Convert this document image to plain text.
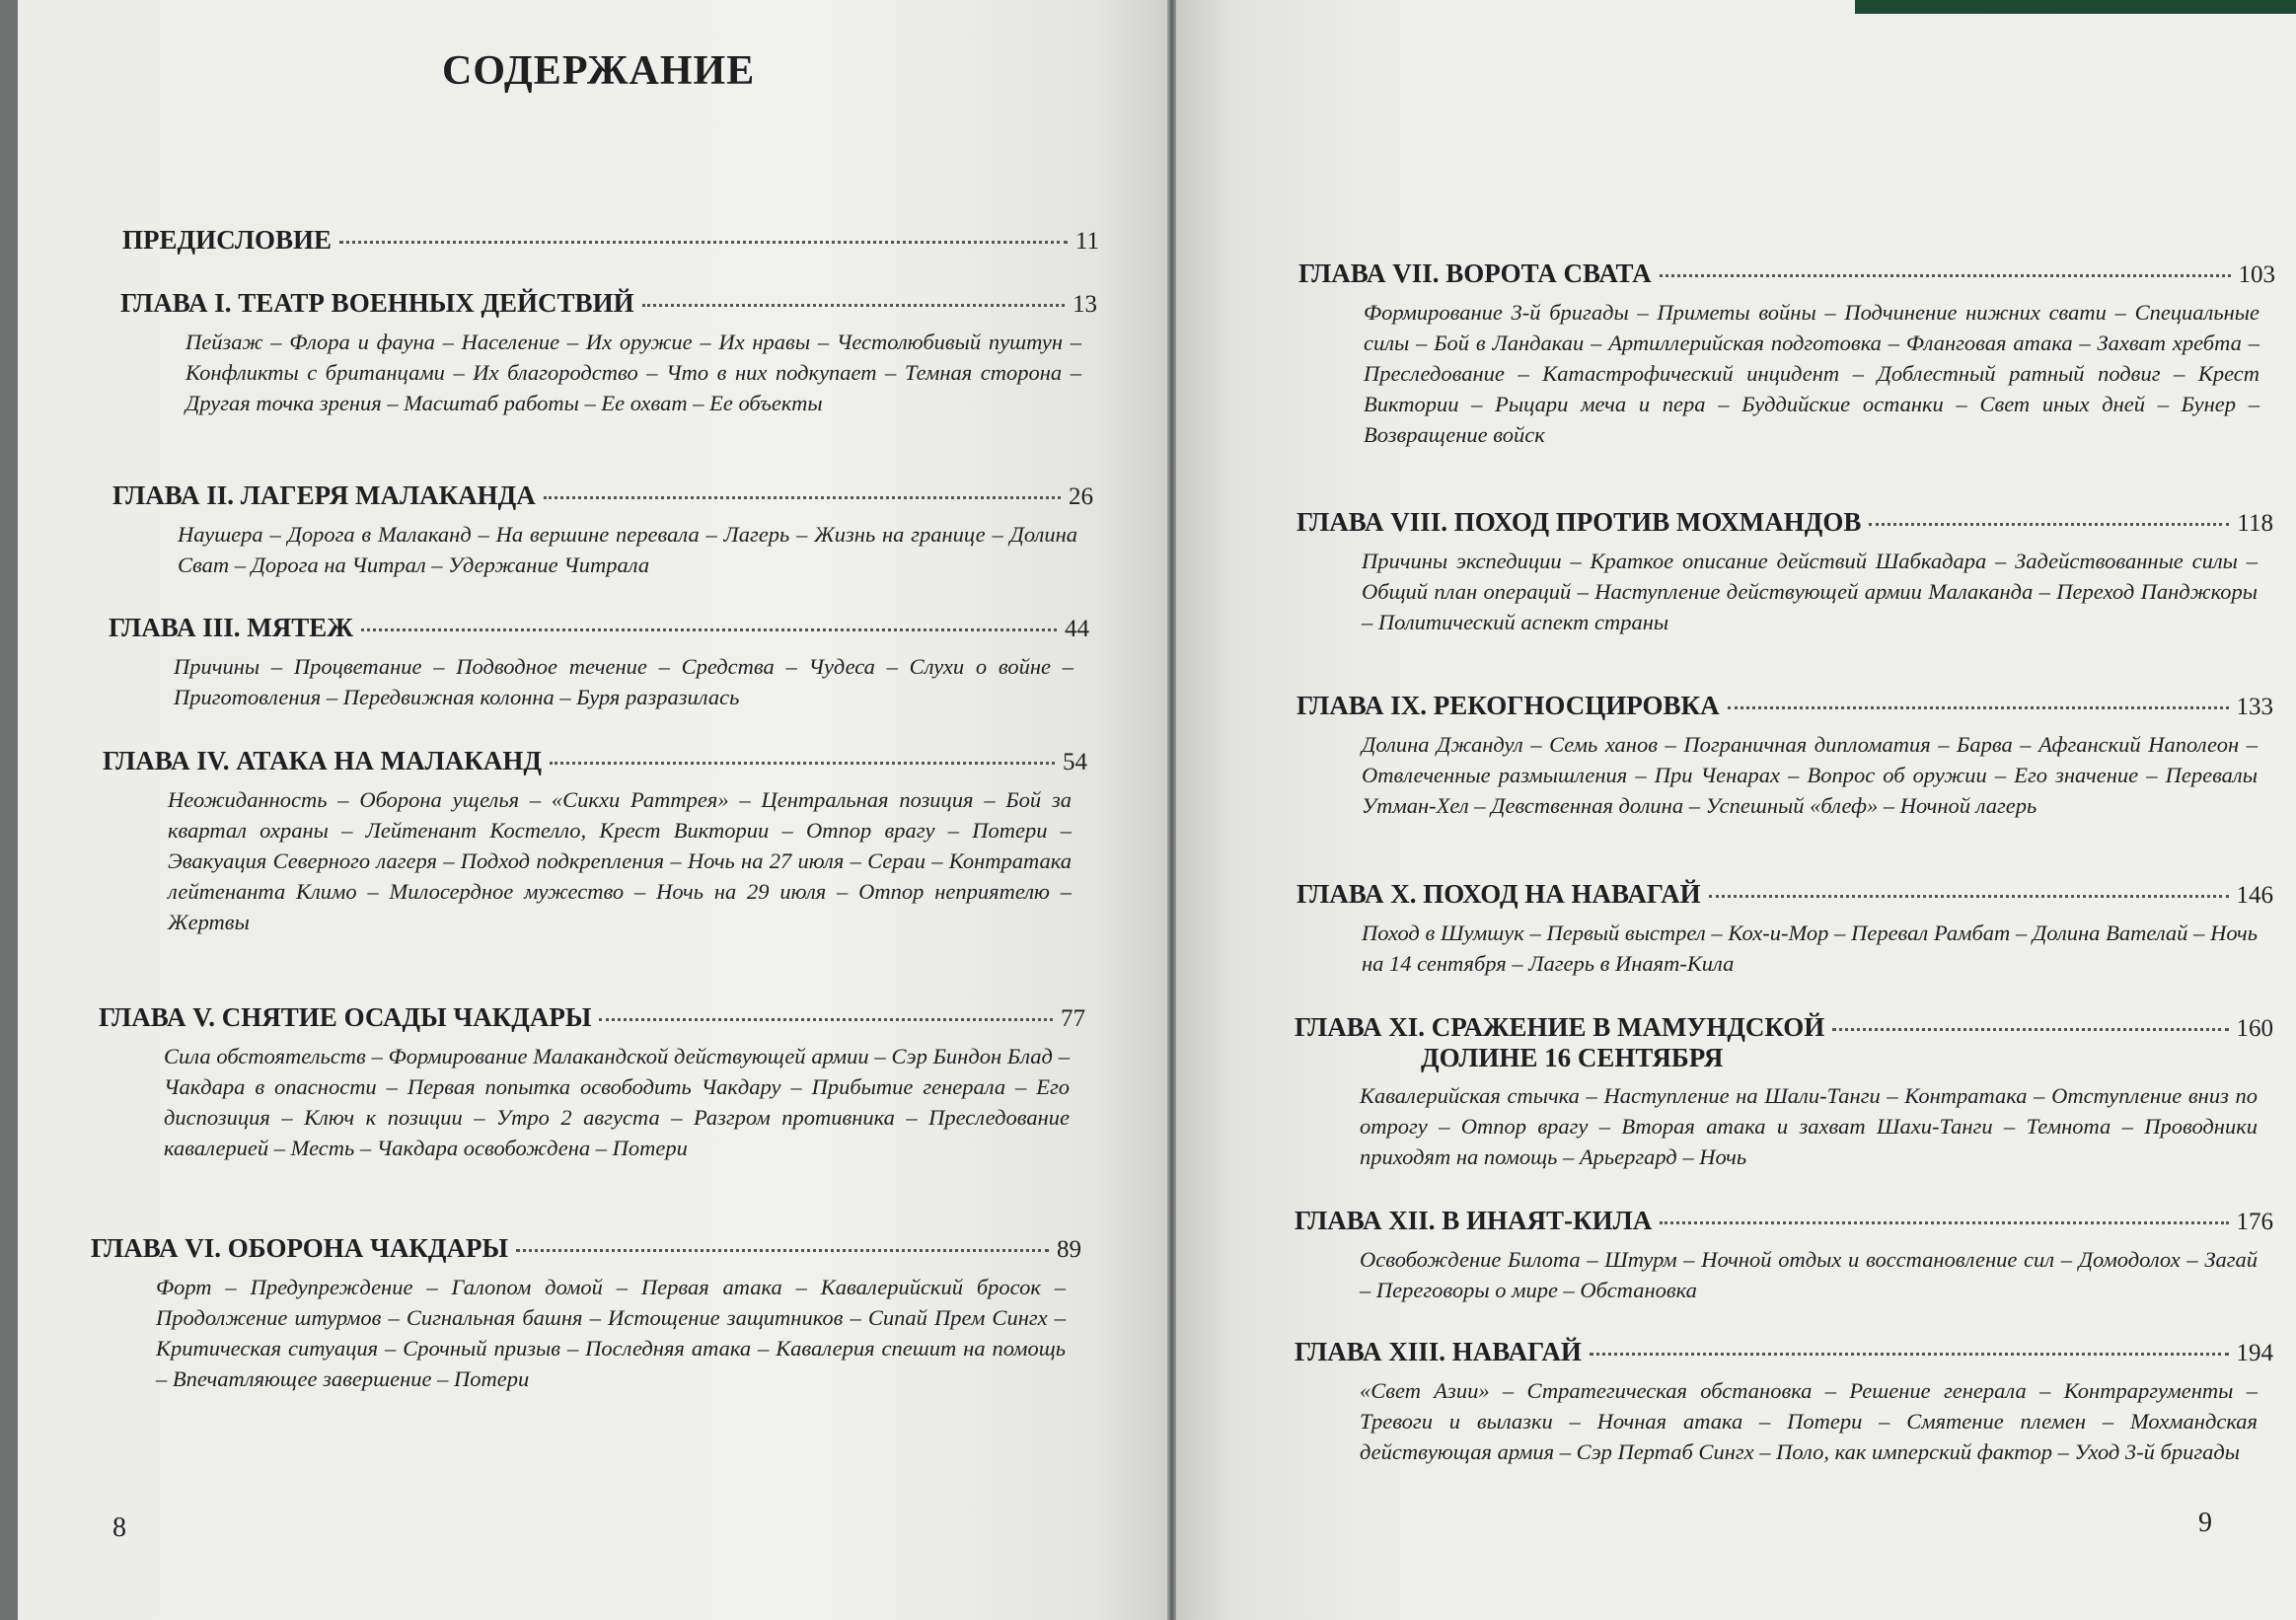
СОДЕРЖАНИЕ
ПРЕДИСЛОВИЕ	11
ГЛАВА I. ТЕАТР ВОЕННЫХ ДЕЙСТВИЙ	13

Пейзаж – Флора и фауна – Население – Их оружие – Их нравы – Честолюбивый пуштун – Конфликты с британцами – Их благородство – Что в них подкупает – Темная сторона – Другая точка зрения – Масштаб работы – Ее охват – Ее объекты

ГЛАВА II. ЛАГЕРЯ МАЛАКАНДА	26

Наушера – Дорога в Малаканд – На вершине перевала – Лагерь – Жизнь на границе – Долина Сват – Дорога на Читрал – Удержание Читрала

ГЛАВА III. МЯТЕЖ	44

Причины – Процветание – Подводное течение – Средства – Чудеса – Слухи о войне – Приготовления – Передвижная колонна – Буря разразилась

ГЛАВА IV. АТАКА НА МАЛАКАНД	54

Неожиданность – Оборона ущелья – «Сикхи Раттрея» – Центральная позиция – Бой за квартал охраны – Лейтенант Костелло, Крест Виктории – Отпор врагу – Потери – Эвакуация Северного лагеря – Подход подкрепления – Ночь на 27 июля – Сераи – Контратака лейтенанта Климо – Милосердное мужество – Ночь на 29 июля – Отпор неприятелю – Жертвы

ГЛАВА V. СНЯТИЕ ОСАДЫ ЧАКДАРЫ	77

Сила обстоятельств – Формирование Малакандской действующей армии – Сэр Биндон Блад – Чакдара в опасности – Первая попытка освободить Чакдару – Прибытие генерала – Его диспозиция – Ключ к позиции – Утро 2 августа – Разгром противника – Преследование кавалерией – Месть – Чакдара освобождена – Потери

ГЛАВА VI. ОБОРОНА ЧАКДАРЫ	89

Форт – Предупреждение – Галопом домой – Первая атака – Кавалерийский бросок – Продолжение штурмов – Сигнальная башня – Истощение защитников – Сипай Прем Сингх – Критическая ситуация – Срочный призыв – Последняя атака – Кавалерия спешит на помощь – Впечатляющее завершение – Потери

8
ГЛАВА VII. ВОРОТА СВАТА	103

Формирование 3-й бригады – Приметы войны – Подчинение нижних свати – Специальные силы – Бой в Ландакаи – Артиллерийская подготовка – Фланговая атака – Захват хребта – Преследование – Катастрофический инцидент – Доблестный ратный подвиг – Крест Виктории – Рыцари меча и пера – Буддийские останки – Свет иных дней – Бунер – Возвращение войск

ГЛАВА VIII. ПОХОД ПРОТИВ МОХМАНДОВ	118

Причины экспедиции – Краткое описание действий Шабкадара – Задействованные силы – Общий план операций – Наступление действующей армии Малаканда – Переход Панджкоры – Политический аспект страны

ГЛАВА IX. РЕКОГНОСЦИРОВКА	133

Долина Джандул – Семь ханов – Пограничная дипломатия – Барва – Афганский Наполеон – Отвлеченные размышления – При Ченарах – Вопрос об оружии – Его значение – Перевалы Утман-Хел – Девственная долина – Успешный «блеф» – Ночной лагерь

ГЛАВА X. ПОХОД НА НАВАГАЙ	146

Поход в Шумшук – Первый выстрел – Кох-и-Мор – Перевал Рамбат – Долина Вателай – Ночь на 14 сентября – Лагерь в Инаят-Кила

ГЛАВА XI. СРАЖЕНИЕ В МАМУНДСКОЙ	160
ДОЛИНЕ 16 СЕНТЯБРЯ

Кавалерийская стычка – Наступление на Шали-Танги – Контратака – Отступление вниз по отрогу – Отпор врагу – Вторая атака и захват Шахи-Танги – Темнота – Проводники приходят на помощь – Арьергард – Ночь

ГЛАВА XII. В ИНАЯТ-КИЛА	176

Освобождение Билота – Штурм – Ночной отдых и восстановление сил – Домодолох – Загай – Переговоры о мире – Обстановка

ГЛАВА XIII. НАВАГАЙ	194

«Свет Азии» – Стратегическая обстановка – Решение генерала – Контраргументы – Тревоги и вылазки – Ночная атака – Потери – Смятение племен – Мохмандская действующая армия – Сэр Пертаб Сингх – Поло, как имперский фактор – Уход 3-й бригады

9
